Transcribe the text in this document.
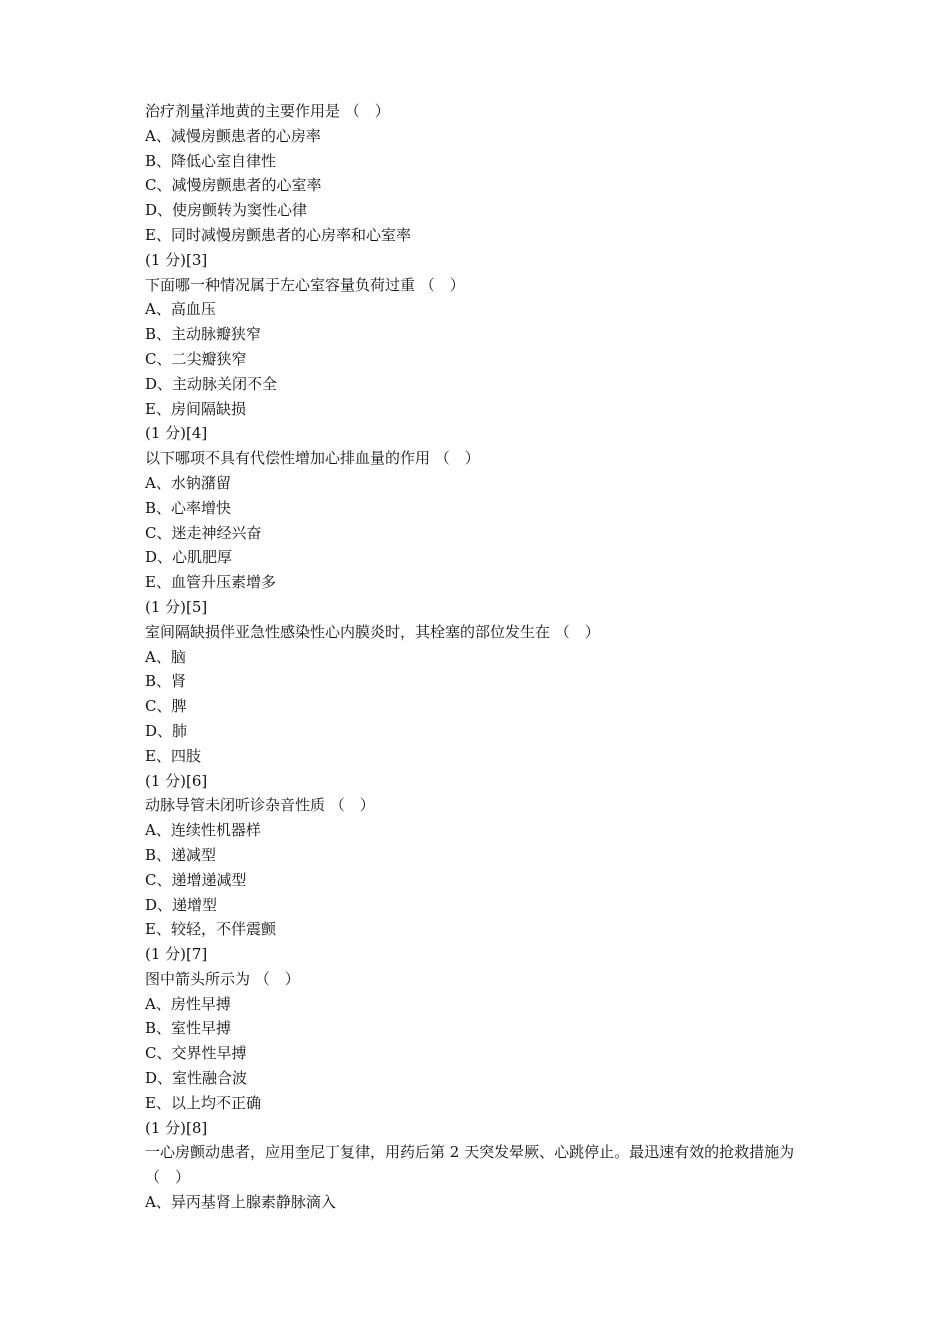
治疗剂量洋地黄的主要作用是 （　）

A、减慢房颤患者的心房率

B、降低心室自律性

C、减慢房颤患者的心室率

D、使房颤转为窦性心律

E、同时减慢房颤患者的心房率和心室率

(1 分)[3]

下面哪一种情况属于左心室容量负荷过重 （　）

A、高血压

B、主动脉瓣狭窄

C、二尖瓣狭窄

D、主动脉关闭不全

E、房间隔缺损

(1 分)[4]

以下哪项不具有代偿性增加心排血量的作用 （　）

A、水钠潴留

B、心率增快

C、迷走神经兴奋

D、心肌肥厚

E、血管升压素增多

(1 分)[5]

室间隔缺损伴亚急性感染性心内膜炎时，其栓塞的部位发生在 （　）

A、脑

B、肾

C、脾

D、肺

E、四肢

(1 分)[6]

动脉导管未闭听诊杂音性质 （　）

A、连续性机器样

B、递减型

C、递增递减型

D、递增型

E、较轻，不伴震颤

(1 分)[7]

图中箭头所示为 （　）

A、房性早搏

B、室性早搏

C、交界性早搏

D、室性融合波

E、以上均不正确

(1 分)[8]

一心房颤动患者，应用奎尼丁复律，用药后第 2 天突发晕厥、心跳停止。最迅速有效的抢救措施为 （　）

A、异丙基肾上腺素静脉滴入
